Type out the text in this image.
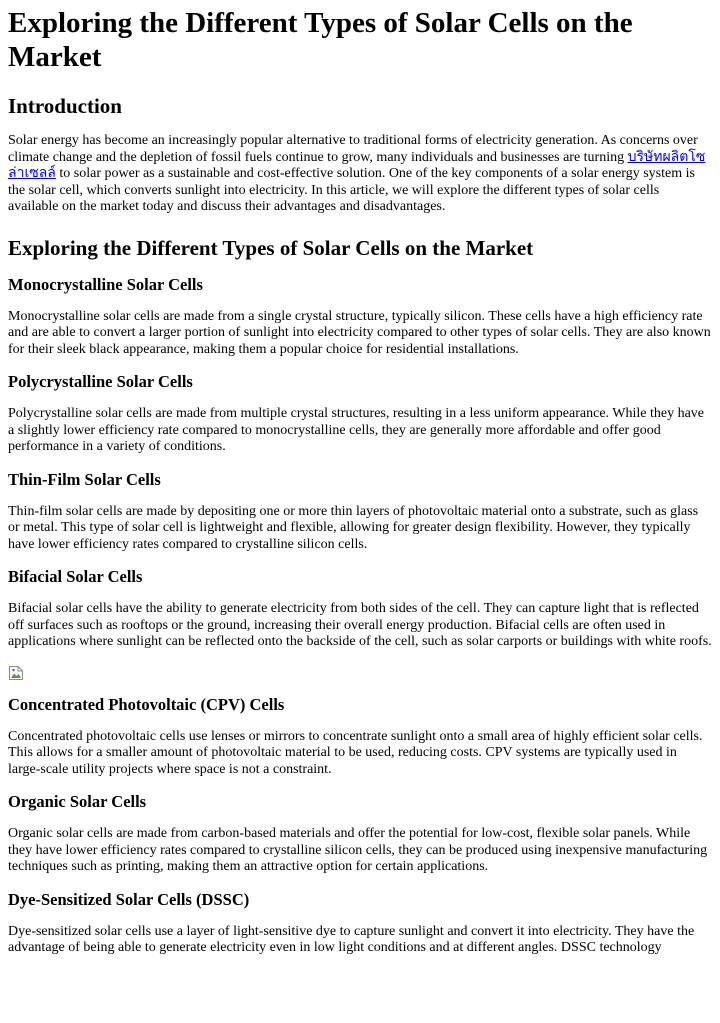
Exploring the Different Types of Solar Cells on the Market
Introduction

Solar energy has become an increasingly popular alternative to traditional forms of electricity generation. As concerns over climate change and the depletion of fossil fuels continue to grow, many individuals and businesses are turning บริษัทผลิตโซล่าเซลล์ to solar power as a sustainable and cost-effective solution. One of the key components of a solar energy system is the solar cell, which converts sunlight into electricity. In this article, we will explore the different types of solar cells available on the market today and discuss their advantages and disadvantages.

Exploring the Different Types of Solar Cells on the Market
Monocrystalline Solar Cells

Monocrystalline solar cells are made from a single crystal structure, typically silicon. These cells have a high efficiency rate and are able to convert a larger portion of sunlight into electricity compared to other types of solar cells. They are also known for their sleek black appearance, making them a popular choice for residential installations.

Polycrystalline Solar Cells

Polycrystalline solar cells are made from multiple crystal structures, resulting in a less uniform appearance. While they have a slightly lower efficiency rate compared to monocrystalline cells, they are generally more affordable and offer good performance in a variety of conditions.

Thin-Film Solar Cells

Thin-film solar cells are made by depositing one or more thin layers of photovoltaic material onto a substrate, such as glass or metal. This type of solar cell is lightweight and flexible, allowing for greater design flexibility. However, they typically have lower efficiency rates compared to crystalline silicon cells.

Bifacial Solar Cells

Bifacial solar cells have the ability to generate electricity from both sides of the cell. They can capture light that is reflected off surfaces such as rooftops or the ground, increasing their overall energy production. Bifacial cells are often used in applications where sunlight can be reflected onto the backside of the cell, such as solar carports or buildings with white roofs.

Concentrated Photovoltaic (CPV) Cells

Concentrated photovoltaic cells use lenses or mirrors to concentrate sunlight onto a small area of highly efficient solar cells. This allows for a smaller amount of photovoltaic material to be used, reducing costs. CPV systems are typically used in large-scale utility projects where space is not a constraint.

Organic Solar Cells

Organic solar cells are made from carbon-based materials and offer the potential for low-cost, flexible solar panels. While they have lower efficiency rates compared to crystalline silicon cells, they can be produced using inexpensive manufacturing techniques such as printing, making them an attractive option for certain applications.

Dye-Sensitized Solar Cells (DSSC)

Dye-sensitized solar cells use a layer of light-sensitive dye to capture sunlight and convert it into electricity. They have the advantage of being able to generate electricity even in low light conditions and at different angles. DSSC technology
